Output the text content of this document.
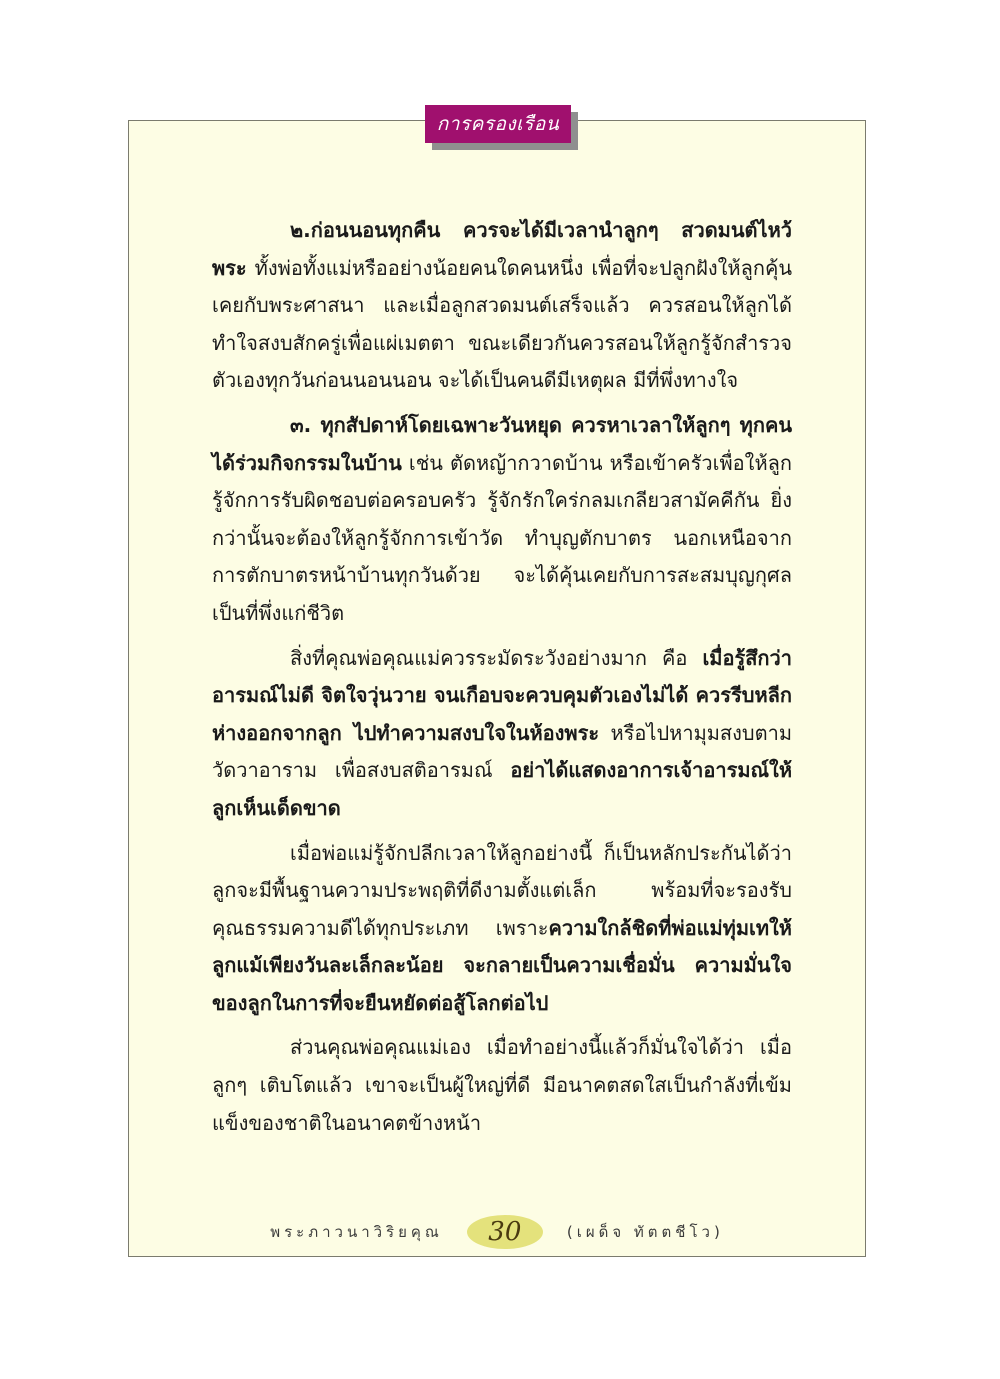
การครองเรือน

๒.ก่อนนอนทุกคืน ควรจะได้มีเวลานำลูกๆ สวดมนต์ไหว้พระ ทั้งพ่อทั้งแม่หรืออย่างน้อยคนใดคนหนึ่ง เพื่อที่จะปลูกฝังให้ลูกคุ้นเคยกับพระศาสนา และเมื่อลูกสวดมนต์เสร็จแล้ว ควรสอนให้ลูกได้ทำใจสงบสักครู่เพื่อแผ่เมตตา ขณะเดียวกันควรสอนให้ลูกรู้จักสำรวจตัวเองทุกวันก่อนนอนนอน จะได้เป็นคนดีมีเหตุผล มีที่พึ่งทางใจ

๓. ทุกสัปดาห์โดยเฉพาะวันหยุด ควรหาเวลาให้ลูกๆ ทุกคนได้ร่วมกิจกรรมในบ้าน เช่น ตัดหญ้ากวาดบ้าน หรือเข้าครัวเพื่อให้ลูกรู้จักการรับผิดชอบต่อครอบครัว รู้จักรักใคร่กลมเกลียวสามัคคีกัน ยิ่งกว่านั้นจะต้องให้ลูกรู้จักการเข้าวัด ทำบุญตักบาตร นอกเหนือจากการตักบาตรหน้าบ้านทุกวันด้วย จะได้คุ้นเคยกับการสะสมบุญกุศลเป็นที่พึ่งแก่ชีวิต

สิ่งที่คุณพ่อคุณแม่ควรระมัดระวังอย่างมาก คือ เมื่อรู้สึกว่าอารมณ์ไม่ดี จิตใจวุ่นวาย จนเกือบจะควบคุมตัวเองไม่ได้ ควรรีบหลีกห่างออกจากลูก ไปทำความสงบใจในห้องพระ หรือไปหามุมสงบตามวัดวาอาราม เพื่อสงบสติอารมณ์ อย่าได้แสดงอาการเจ้าอารมณ์ให้ลูกเห็นเด็ดขาด

เมื่อพ่อแม่รู้จักปลีกเวลาให้ลูกอย่างนี้ ก็เป็นหลักประกันได้ว่าลูกจะมีพื้นฐานความประพฤติที่ดีงามตั้งแต่เล็ก พร้อมที่จะรองรับคุณธรรมความดีได้ทุกประเภท เพราะความใกล้ชิดที่พ่อแม่ทุ่มเทให้ลูกแม้เพียงวันละเล็กละน้อย จะกลายเป็นความเชื่อมั่น ความมั่นใจของลูกในการที่จะยืนหยัดต่อสู้โลกต่อไป

ส่วนคุณพ่อคุณแม่เอง เมื่อทำอย่างนี้แล้วก็มั่นใจได้ว่า เมื่อลูกๆ เติบโตแล้ว เขาจะเป็นผู้ใหญ่ที่ดี มีอนาคตสดใสเป็นกำลังที่เข้มแข็งของชาติในอนาคตข้างหน้า

พระภาวนาวิริยคุณ	30	(เผด็จ ทัตตชีโว)
